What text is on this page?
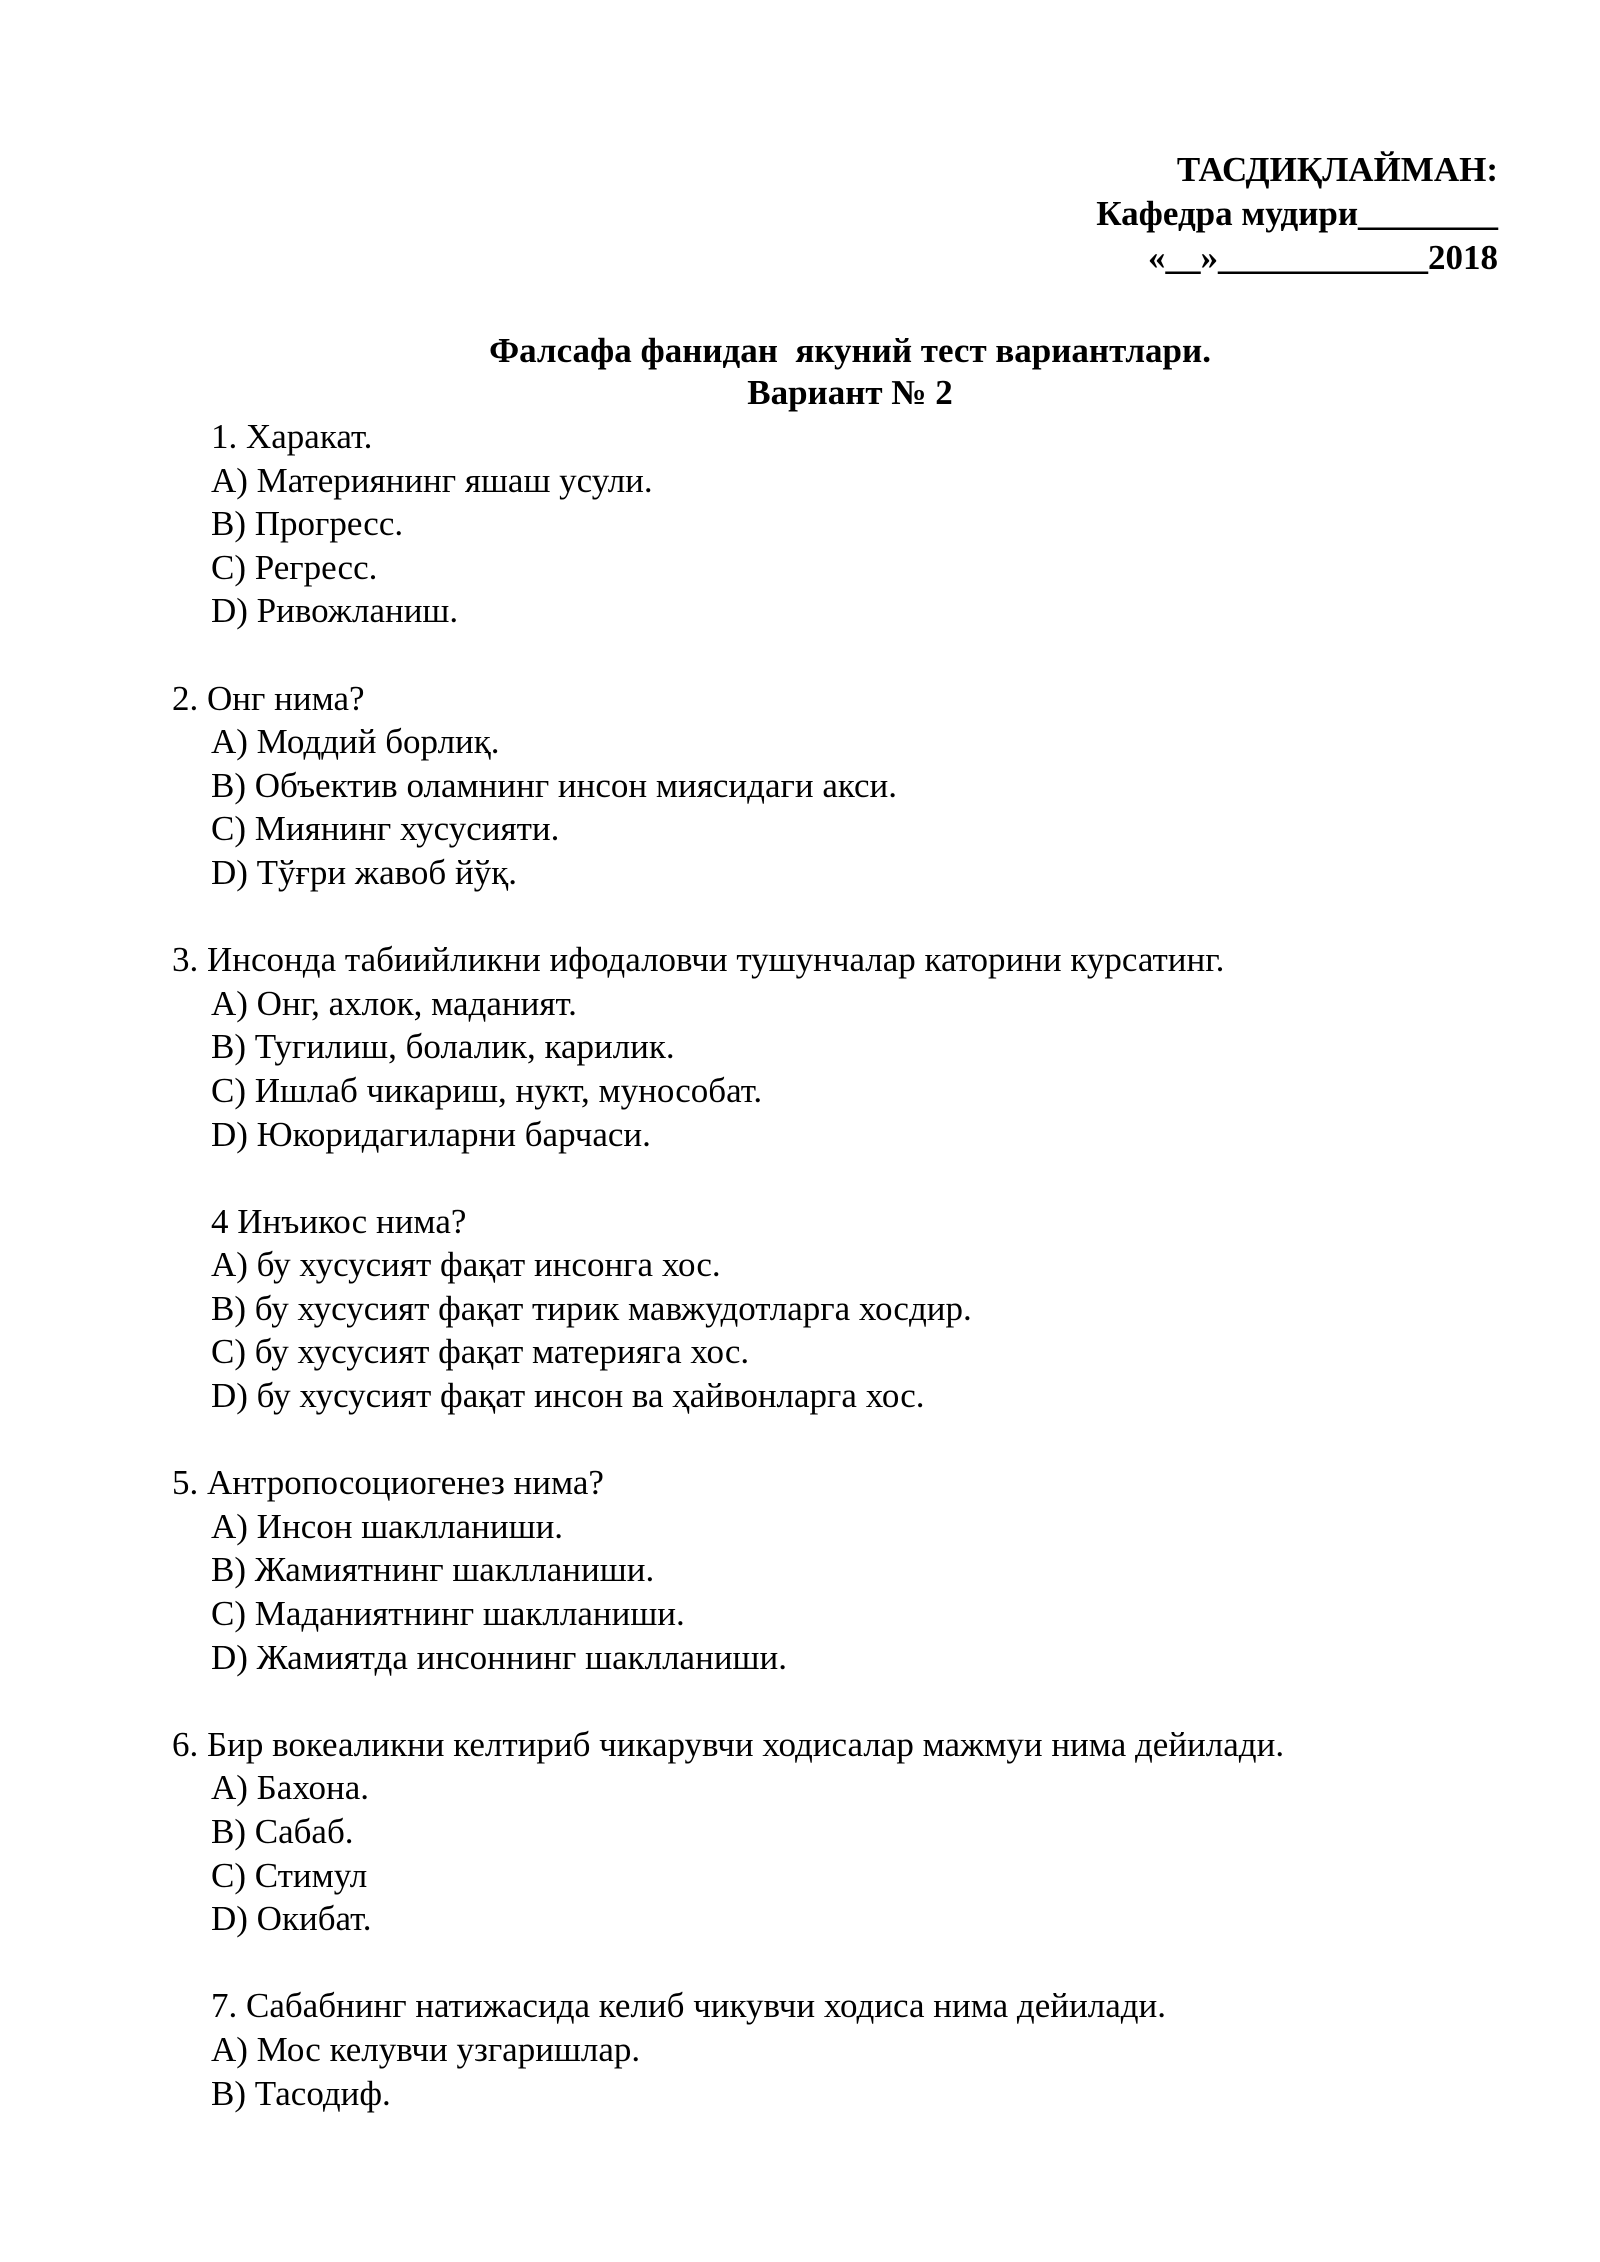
ТАСДИҚЛАЙМАН:
Кафедра мудири________
«__»____________2018
Фалсафа фанидан  якуний тест вариантлари.
Вариант № 2
1. Харакат.
A) Материянинг яшаш усули.
B) Прогресс.
C) Регресс.
D) Ривожланиш.
2. Онг нима?
A) Моддий борлиқ.
B) Объектив оламнинг инсон миясидаги акси.
C) Миянинг хусусияти.
D) Тўғри жавоб йўқ.
3. Инсонда табиийликни ифодаловчи тушунчалар каторини курсатинг.
A) Онг, ахлок, маданият.
B) Тугилиш, болалик, карилик.
C) Ишлаб чикариш, нукт, мунособат.
D) Юкоридагиларни барчаси.
4 Инъикос нима?
A) бу хусусият фақат инсонга хос.
B) бу хусусият фақат тирик мавжудотларга хосдир.
C) бу хусусият фақат материяга хос.
D) бу хусусият фақат инсон ва ҳайвонларга хос.
5. Антропосоциогенез нима?
A) Инсон шаклланиши.
B) Жамиятнинг шаклланиши.
C) Маданиятнинг шаклланиши.
D) Жамиятда инсоннинг шаклланиши.
6. Бир вокеаликни келтириб чикарувчи ходисалар мажмуи нима дейилади.
A) Бахона.
B) Сабаб.
C) Стимул
D) Окибат.
7. Сабабнинг натижасида келиб чикувчи ходиса нима дейилади.
A) Мос келувчи узгаришлар.
B) Тасодиф.
